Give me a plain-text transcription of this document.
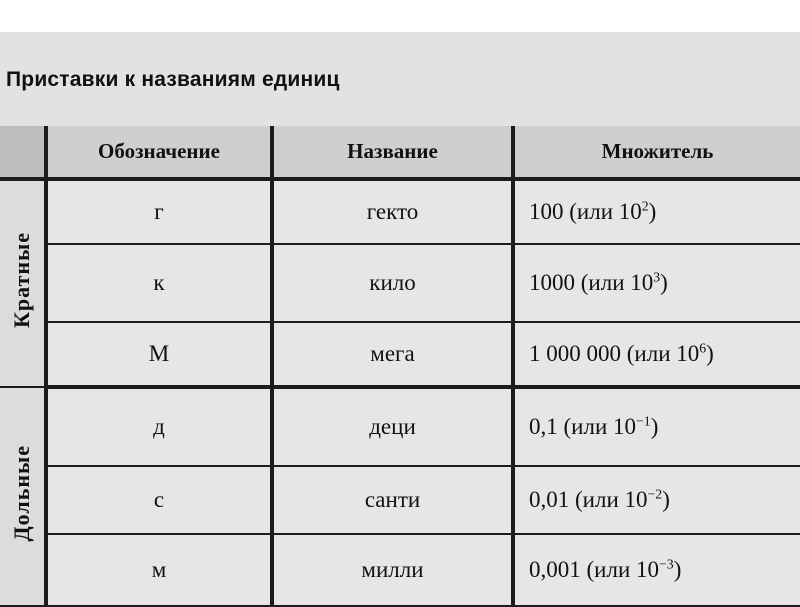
Приставки к названиям единиц
	Обозначение	Название	Множитель
Кратные	г	гекто	100 (или $10^2$)
	к	кило	1000 (или $10^3$)
	М	мега	1 000 000 (или $10^6$)
Дольные	д	деци	0,1 (или $10^{-1}$)
	с	санти	0,01 (или $10^{-2}$)
	м	милли	0,001 (или $10^{-3}$)
